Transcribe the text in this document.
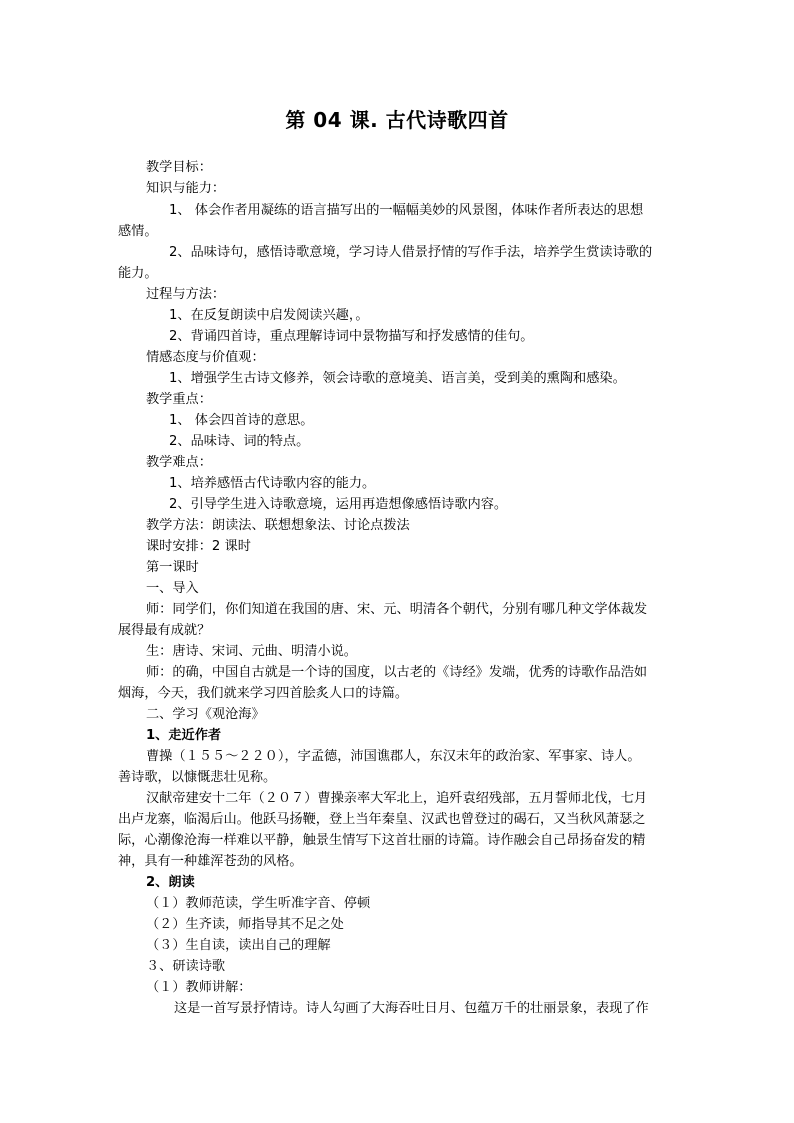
第 04 课. 古代诗歌四首
教学目标：
知识与能力：
1、 体会作者用凝练的语言描写出的一幅幅美妙的风景图，体味作者所表达的思想
感情。
2、品味诗句，感悟诗歌意境，学习诗人借景抒情的写作手法，培养学生赏读诗歌的
能力。
过程与方法：
1、在反复朗读中启发阅读兴趣，。
2、背诵四首诗，重点理解诗词中景物描写和抒发感情的佳句。
情感态度与价值观：
1、增强学生古诗文修养，领会诗歌的意境美、语言美，受到美的熏陶和感染。
教学重点：
1、 体会四首诗的意思。
2、品味诗、词的特点。
教学难点：
1、培养感悟古代诗歌内容的能力。
2、引导学生进入诗歌意境，运用再造想像感悟诗歌内容。
教学方法：朗读法、联想想象法、讨论点拨法
课时安排：2 课时
第一课时
一、导入
师：同学们，你们知道在我国的唐、宋、元、明清各个朝代，分别有哪几种文学体裁发
展得最有成就？
生：唐诗、宋词、元曲、明清小说。
师：的确，中国自古就是一个诗的国度，以古老的《诗经》发端，优秀的诗歌作品浩如
烟海，今天，我们就来学习四首脍炙人口的诗篇。
二、学习《观沧海》
1、走近作者
曹操（１５５～２２０），字孟德，沛国谯郡人，东汉末年的政治家、军事家、诗人。
善诗歌，以慷慨悲壮见称。
汉献帝建安十二年（２０７）曹操亲率大军北上，追歼袁绍残部，五月誓师北伐，七月
出卢龙寨，临渴后山。他跃马扬鞭，登上当年秦皇、汉武也曾登过的碣石，又当秋风萧瑟之
际，心潮像沧海一样难以平静，触景生情写下这首壮丽的诗篇。诗作融会自己昂扬奋发的精
神，具有一种雄浑苍劲的风格。
2、朗读
（１）教师范读，学生听准字音、停顿
（２）生齐读，师指导其不足之处
（３）生自读，读出自己的理解
３、研读诗歌
（１）教师讲解：
这是一首写景抒情诗。诗人勾画了大海吞吐日月、包蕴万千的壮丽景象，表现了作
